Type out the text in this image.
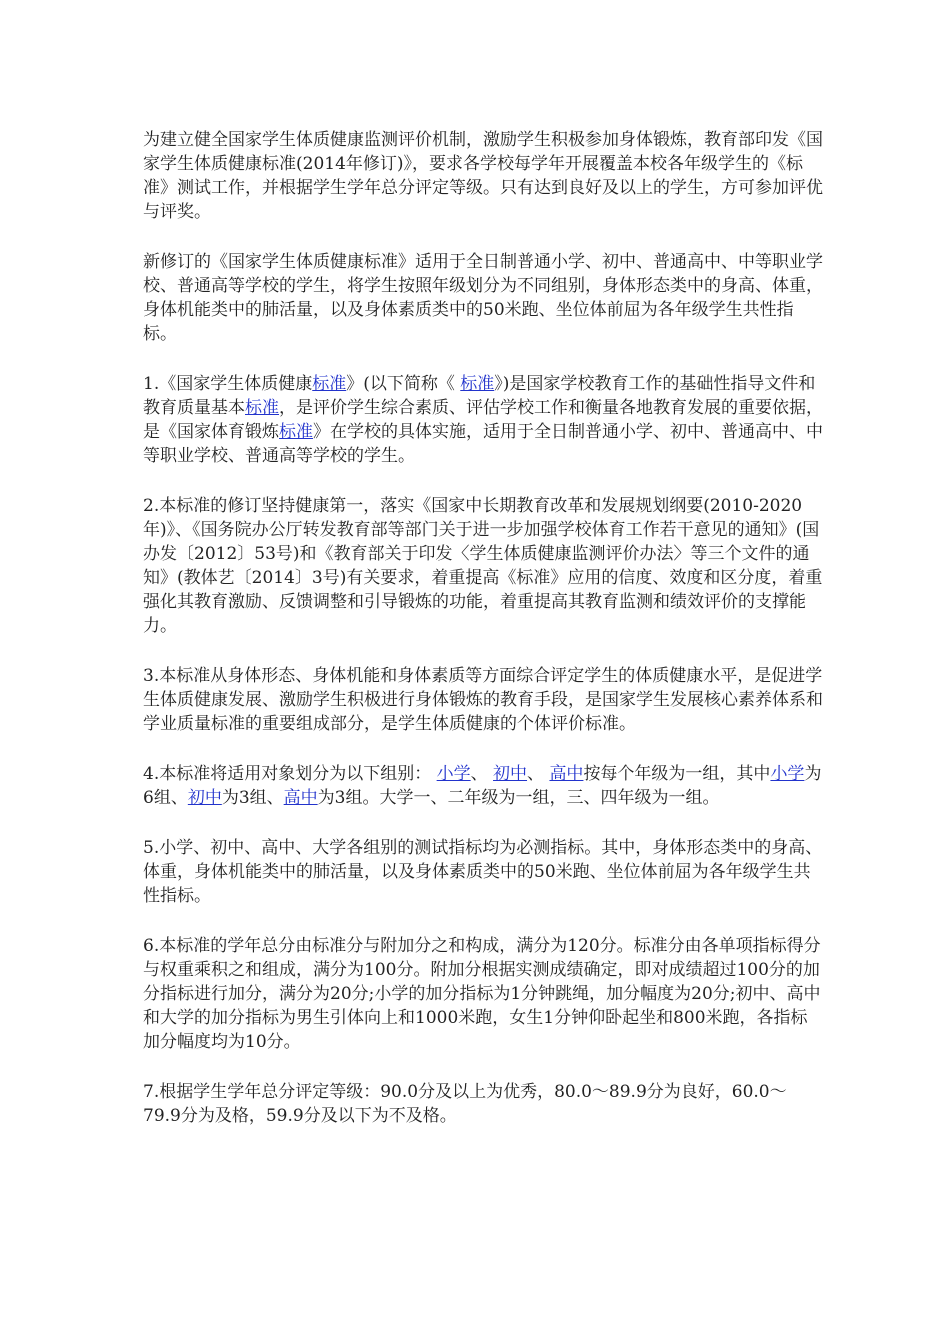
为建立健全国家学生体质健康监测评价机制，激励学生积极参加身体锻炼，教育部印发《国家学生体质健康标准(2014年修订)》，要求各学校每学年开展覆盖本校各年级学生的《标准》测试工作，并根据学生学年总分评定等级。只有达到良好及以上的学生，方可参加评优与评奖。

新修订的《国家学生体质健康标准》适用于全日制普通小学、初中、普通高中、中等职业学校、普通高等学校的学生，将学生按照年级划分为不同组别，身体形态类中的身高、体重，身体机能类中的肺活量，以及身体素质类中的50米跑、坐位体前屈为各年级学生共性指标。

1.《国家学生体质健康标准》(以下简称《 标准》)是国家学校教育工作的基础性指导文件和教育质量基本标准，是评价学生综合素质、评估学校工作和衡量各地教育发展的重要依据，是《国家体育锻炼标准》在学校的具体实施，适用于全日制普通小学、初中、普通高中、中等职业学校、普通高等学校的学生。

2.本标准的修订坚持健康第一，落实《国家中长期教育改革和发展规划纲要(2010-2020年)》、《国务院办公厅转发教育部等部门关于进一步加强学校体育工作若干意见的通知》(国办发〔2012〕53号)和《教育部关于印发〈学生体质健康监测评价办法〉等三个文件的通知》(教体艺〔2014〕3号)有关要求，着重提高《标准》应用的信度、效度和区分度，着重强化其教育激励、反馈调整和引导锻炼的功能，着重提高其教育监测和绩效评价的支撑能力。

3.本标准从身体形态、身体机能和身体素质等方面综合评定学生的体质健康水平，是促进学生体质健康发展、激励学生积极进行身体锻炼的教育手段，是国家学生发展核心素养体系和学业质量标准的重要组成部分，是学生体质健康的个体评价标准。

4.本标准将适用对象划分为以下组别： 小学、 初中、 高中按每个年级为一组，其中小学为6组、初中为3组、高中为3组。大学一、二年级为一组，三、四年级为一组。

5.小学、初中、高中、大学各组别的测试指标均为必测指标。其中，身体形态类中的身高、体重，身体机能类中的肺活量，以及身体素质类中的50米跑、坐位体前屈为各年级学生共性指标。

6.本标准的学年总分由标准分与附加分之和构成，满分为120分。标准分由各单项指标得分与权重乘积之和组成，满分为100分。附加分根据实测成绩确定，即对成绩超过100分的加分指标进行加分，满分为20分;小学的加分指标为1分钟跳绳，加分幅度为20分;初中、高中和大学的加分指标为男生引体向上和1000米跑，女生1分钟仰卧起坐和800米跑，各指标加分幅度均为10分。

7.根据学生学年总分评定等级：90.0分及以上为优秀，80.0～89.9分为良好，60.0～79.9分为及格，59.9分及以下为不及格。
